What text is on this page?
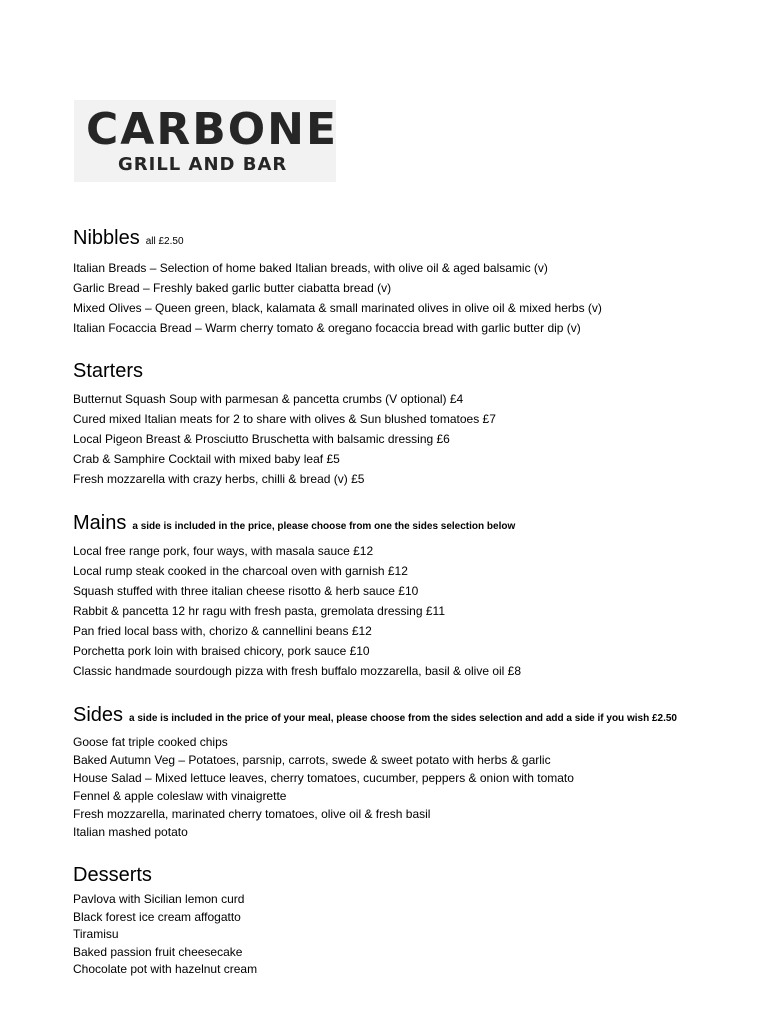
CARBONE
GRILL AND BAR
Nibbles all £2.50
Italian Breads – Selection of home baked Italian breads, with olive oil & aged balsamic (v)
Garlic Bread – Freshly baked garlic butter ciabatta bread (v)
Mixed Olives – Queen green, black, kalamata & small marinated olives in olive oil & mixed herbs (v)
Italian Focaccia Bread – Warm cherry tomato & oregano focaccia bread with garlic butter dip (v)
Starters
Butternut Squash Soup with parmesan & pancetta crumbs (V optional) £4
Cured mixed Italian meats for 2 to share with olives & Sun blushed tomatoes £7
Local Pigeon Breast & Prosciutto Bruschetta with balsamic dressing £6
Crab & Samphire Cocktail with mixed baby leaf £5
Fresh mozzarella with crazy herbs, chilli & bread (v) £5
Mains a side is included in the price, please choose from one the sides selection below
Local free range pork, four ways, with masala sauce £12
Local rump steak cooked in the charcoal oven with garnish £12
Squash stuffed with three italian cheese risotto & herb sauce £10
Rabbit & pancetta 12 hr ragu with fresh pasta, gremolata dressing £11
Pan fried local bass with, chorizo & cannellini beans £12
Porchetta pork loin with braised chicory, pork sauce £10
Classic handmade sourdough pizza with fresh buffalo mozzarella, basil & olive oil £8
Sides a side is included in the price of your meal, please choose from the sides selection and add a side if you wish £2.50
Goose fat triple cooked chips
Baked Autumn Veg – Potatoes, parsnip, carrots, swede & sweet potato with herbs & garlic
House Salad – Mixed lettuce leaves, cherry tomatoes, cucumber, peppers & onion with tomato
Fennel & apple coleslaw with vinaigrette
Fresh mozzarella, marinated cherry tomatoes, olive oil & fresh basil
Italian mashed potato
Desserts
Pavlova with Sicilian lemon curd
Black forest ice cream affogatto
Tiramisu
Baked passion fruit cheesecake
Chocolate pot with hazelnut cream
